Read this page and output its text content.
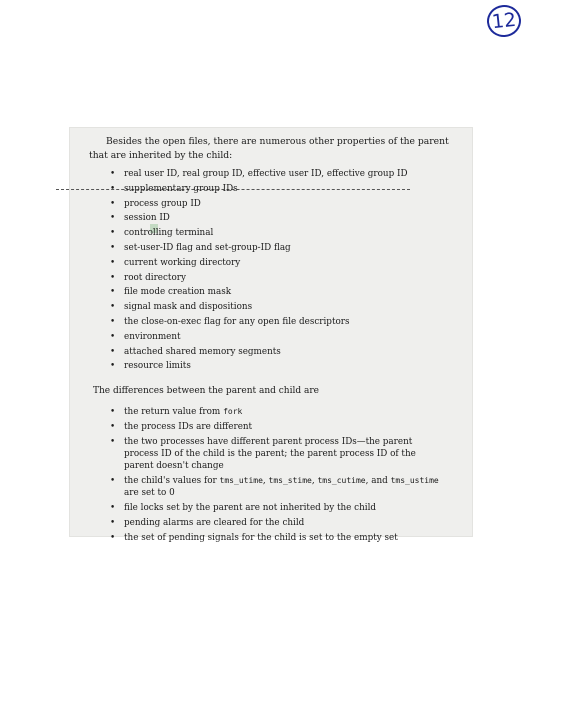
12

Besides the open files, there are numerous other properties of the parent that are inherited by the child:

• real user ID, real group ID, effective user ID, effective group ID
• supplementary group IDs
• process group ID
• session ID
• controlling terminal
• set-user-ID flag and set-group-ID flag
• current working directory
• root directory
• file mode creation mask
• signal mask and dispositions
• the close-on-exec flag for any open file descriptors
• environment
• attached shared memory segments
• resource limits

The differences between the parent and child are

• the return value from fork
• the process IDs are different
• the two processes have different parent process IDs—the parent process ID of the child is the parent; the parent process ID of the parent doesn't change
• the child's values for tms_utime, tms_stime, tms_cutime, and tms_ustime are set to 0
• file locks set by the parent are not inherited by the child
• pending alarms are cleared for the child
• the set of pending signals for the child is set to the empty set
